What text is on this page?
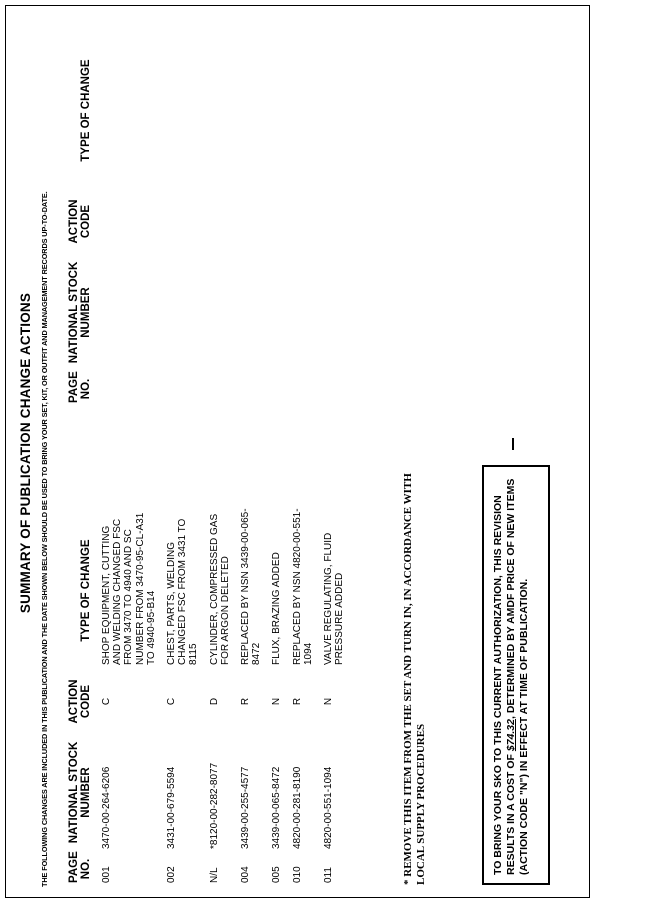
SUMMARY OF PUBLICATION CHANGE ACTIONS THE FOLLOWING CHANGES ARE INCLUDED IN THIS PUBLICATION AND THE DATE SHOWN BELOW SHOULD BE USED TO BRING YOUR SET, KIT, OR OUTFIT AND MANAGEMENT RECORDS UP-TO-DATE. PAGE NO.
NATIONAL STOCK NUMBER
ACTION CODE
TYPE OF CHANGE
001
3470-00-264-6206
C
SHOP EQUIPMENT, CUTTING AND WELDING CHANGED FSC FROM 3470 TO 4940 AND SC NUMBER FROM 3470-95-CL-A31 TO 4940-95-B14
002
3431-00-679-5594
C
CHEST, PARTS, WELDING CHANGED FSC FROM 3431 TO 8115
N/L
*8120-00-282-8077
D
CYLINDER, COMPRESSED GAS FOR ARGON DELETED
004
3439-00-255-4577
R
REPLACED BY NSN 3439-00-065-8472
005
3439-00-065-8472
N
FLUX, BRAZING ADDED
010
4820-00-281-8190
R
REPLACED BY NSN 4820-00-551-1094
011
4820-00-551-1094
N
VALVE REGULATING, FLUID PRESSURE ADDED
PAGE NO.
NATIONAL STOCK NUMBER
ACTION CODE
TYPE OF CHANGE
* REMOVE THIS ITEM FROM THE SET AND TURN IN, IN ACCORDANCE WITH LOCAL SUPPLY PROCEDURES	TO BRING YOUR SKO TO THIS CURRENT AUTHORIZATION, THIS REVISION RESULTS IN A COST OF $74.32, DETERMINED BY AMDF PRICE OF NEW ITEMS (ACTION CODE "N") IN EFFECT AT TIME OF PUBLICATION.
